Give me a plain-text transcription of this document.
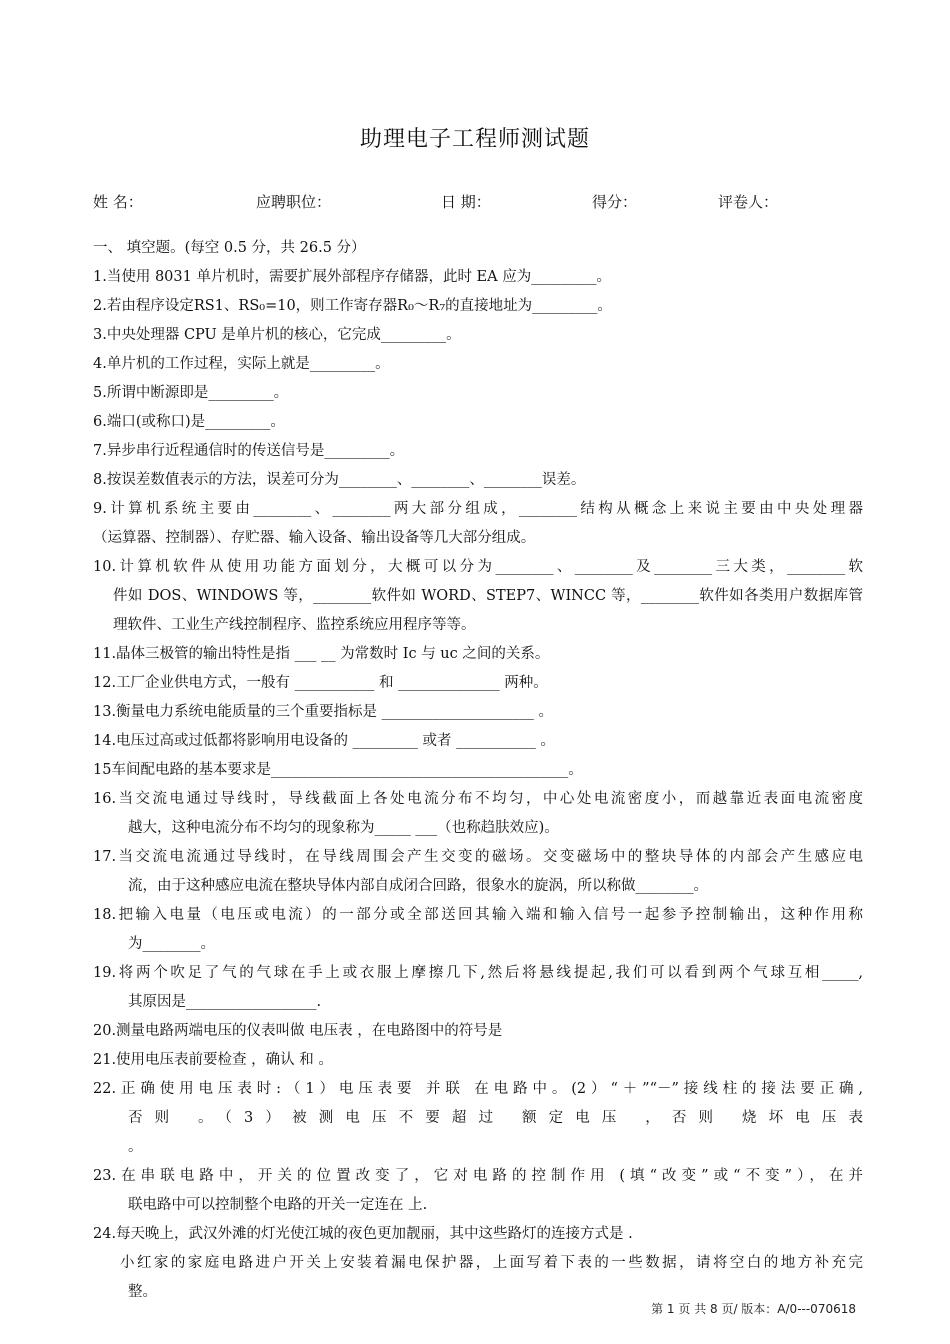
助理电子工程师测试题
姓 名：	应聘职位：	日 期：	得分：	评卷人：
一、 填空题。(每空 0.5 分，共 26.5 分）
1.当使用 8031 单片机时，需要扩展外部程序存储器，此时 EA 应为_________。
2.若由程序设定RS1、RS₀=10，则工作寄存器R₀～R₇的直接地址为_________。
3.中央处理器 CPU 是单片机的核心，它完成_________。
4.单片机的工作过程，实际上就是_________。
5.所谓中断源即是_________。
6.端口(或称口)是_________。
7.异步串行近程通信时的传送信号是_________。
8.按误差数值表示的方法，误差可分为________、________、________误差。
9.计算机系统主要由________、________两大部分组成，________结构从概念上来说主要由中央处理器
（运算器、控制器）、存贮器、输入设备、输出设备等几大部分组成。
10.计算机软件从使用功能方面划分，大概可以分为________、________及________三大类，________软
件如 DOS、WINDOWS 等，________软件如 WORD、STEP7、WINCC 等，________软件如各类用户数据库管
理软件、工业生产线控制程序、监控系统应用程序等等。
11.晶体三极管的输出特性是指 ___ __ 为常数时 Ic 与 uc 之间的关系。
12.工厂企业供电方式，一般有 ___________ 和 ______________ 两种。
13.衡量电力系统电能质量的三个重要指标是 _____________________ 。
14.电压过高或过低都将影响用电设备的 _________ 或者 ___________ 。
15车间配电路的基本要求是_________________________________________。
16.当交流电通过导线时，导线截面上各处电流分布不均匀，中心处电流密度小，而越靠近表面电流密度
越大，这种电流分布不均匀的现象称为_____ ___（也称趋肤效应)。
17.当交流电流通过导线时，在导线周围会产生交变的磁场。交变磁场中的整块导体的内部会产生感应电
流，由于这种感应电流在整块导体内部自成闭合回路，很象水的旋涡，所以称做________。
18.把输入电量（电压或电流）的一部分或全部送回其输入端和输入信号一起参予控制输出，这种作用称
为________。
19.将两个吹足了气的气球在手上或衣服上摩擦几下,然后将悬线提起,我们可以看到两个气球互相_____,
其原因是__________________.
20.测量电路两端电压的仪表叫做 电压表 ，在电路图中的符号是
21.使用电压表前要检查 ，确认 和 。
22.正确使用电压表时:（1）电压表要 并联 在电路中。(2）“＋”“－”接线柱的接法要正确,
否则 。（3）被测电压不要超过 额定电压 ，否则 烧坏电压表
。
23.在串联电路中，开关的位置改变了，它对电路的控制作用 (填“改变”或“不变”），在并
联电路中可以控制整个电路的开关一定连在 上.
24.每天晚上，武汉外滩的灯光使江城的夜色更加靓丽，其中这些路灯的连接方式是 .
小红家的家庭电路进户开关上安装着漏电保护器，上面写着下表的一些数据，请将空白的地方补充完
整。
第 1 页 共 8 页/ 版本：A/0---070618
